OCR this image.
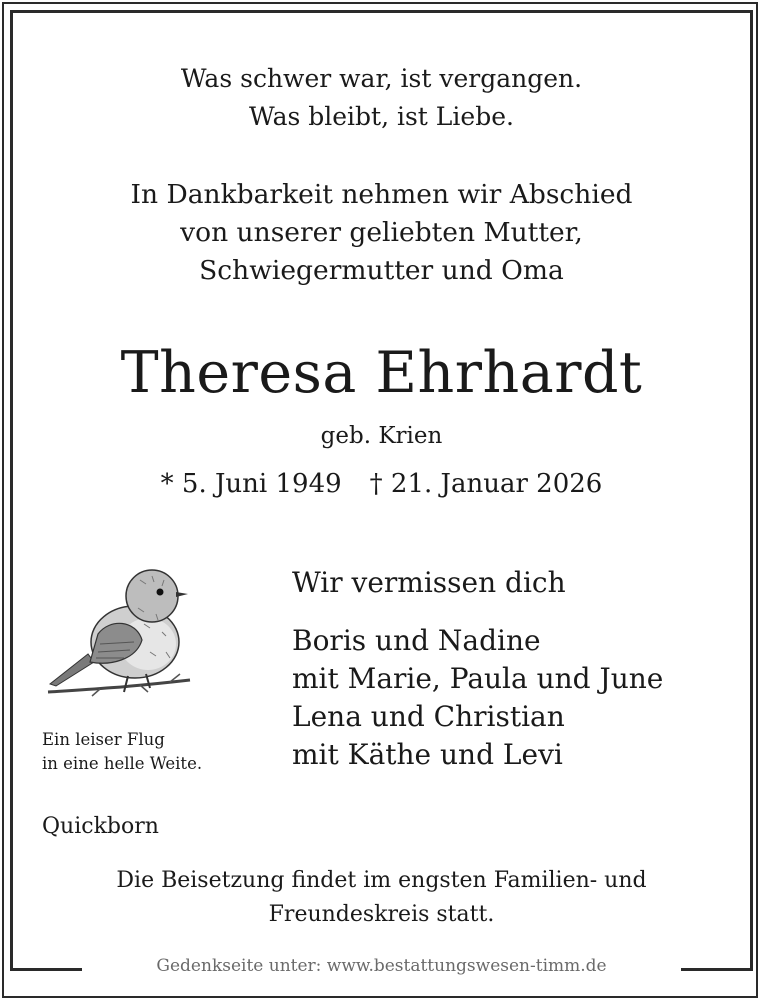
Was schwer war, ist vergangen.
Was bleibt, ist Liebe.
In Dankbarkeit nehmen wir Abschied
von unserer geliebten Mutter,
Schwiegermutter und Oma
Theresa Ehrhardt
geb. Krien
* 5. Juni 1949 † 21. Januar 2026
Ein leiser Flug
in eine helle Weite.
Wir vermissen dich
Boris und Nadine
mit Marie, Paula und June
Lena und Christian
mit Käthe und Levi
Quickborn
Die Beisetzung findet im engsten Familien- und
Freundeskreis statt.
Gedenkseite unter: www.bestattungswesen-timm.de
